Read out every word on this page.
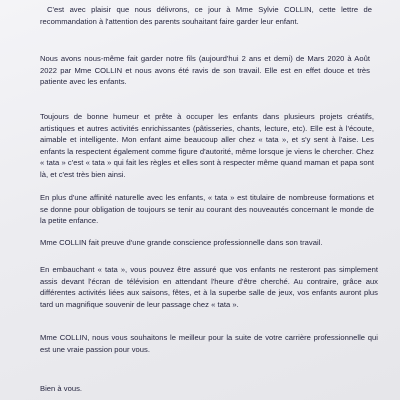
C'est avec plaisir que nous délivrons, ce jour à Mme Sylvie COLLIN, cette lettre de recommandation à l'attention des parents souhaitant faire garder leur enfant.

Nous avons nous-même fait garder notre fils (aujourd'hui 2 ans et demi) de Mars 2020 à Août 2022 par Mme COLLIN et nous avons été ravis de son travail. Elle est en effet douce et très patiente avec les enfants.

Toujours de bonne humeur et prête à occuper les enfants dans plusieurs projets créatifs, artistiques et autres activités enrichissantes (pâtisseries, chants, lecture, etc). Elle est à l'écoute, aimable et intelligente. Mon enfant aime beaucoup aller chez « tata », et s'y sent à l'aise. Les enfants la respectent également comme figure d'autorité, même lorsque je viens le chercher. Chez « tata » c'est « tata » qui fait les règles et elles sont à respecter même quand maman et papa sont là, et c'est très bien ainsi.

En plus d'une affinité naturelle avec les enfants, « tata » est titulaire de nombreuse formations et se donne pour obligation de toujours se tenir au courant des nouveautés concernant le monde de la petite enfance.

Mme COLLIN fait preuve d'une grande conscience professionnelle dans son travail.

En embauchant « tata », vous pouvez être assuré que vos enfants ne resteront pas simplement assis devant l'écran de télévision en attendant l'heure d'être cherché. Au contraire, grâce aux différentes activités liées aux saisons, fêtes, et à la superbe salle de jeux, vos enfants auront plus tard un magnifique souvenir de leur passage chez « tata ».

Mme COLLIN, nous vous souhaitons le meilleur pour la suite de votre carrière professionnelle qui est une vraie passion pour vous.

Bien à vous.
